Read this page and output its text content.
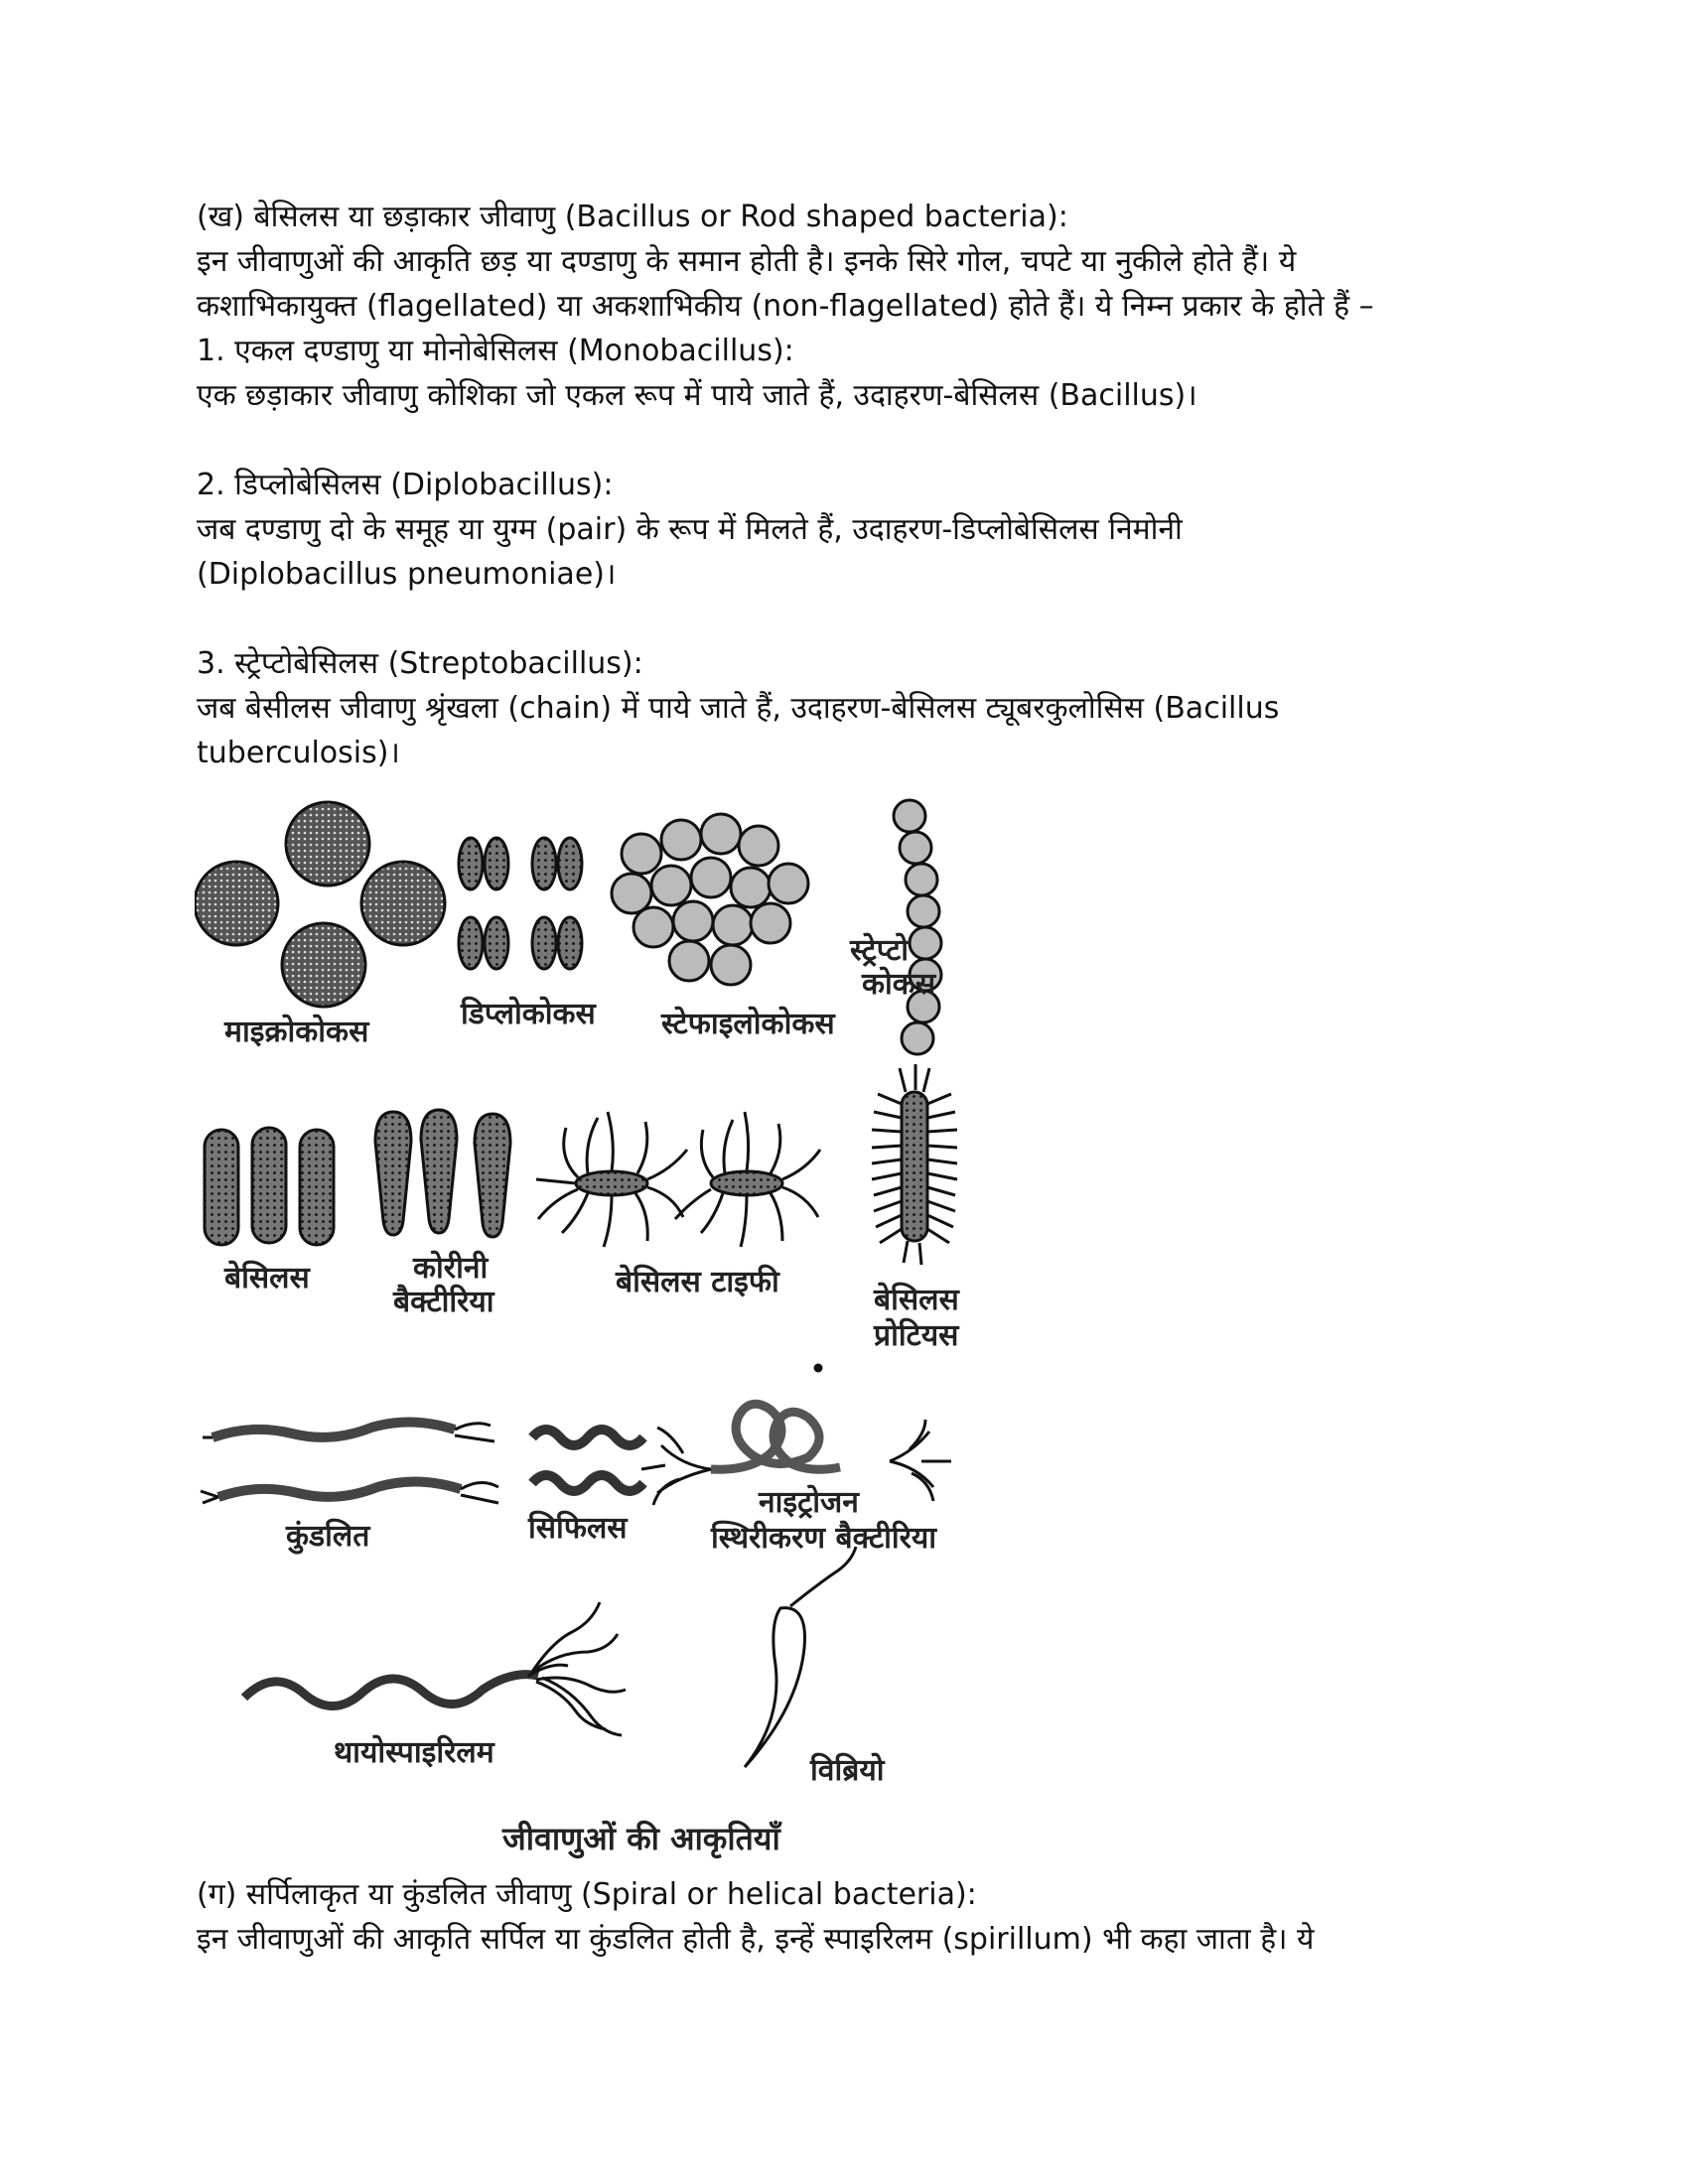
(ख) बेसिलस या छड़ाकार जीवाणु (Bacillus or Rod shaped bacteria):

इन जीवाणुओं की आकृति छड़ या दण्डाणु के समान होती है। इनके सिरे गोल, चपटे या नुकीले होते हैं। ये

कशाभिकायुक्त (flagellated) या अकशाभिकीय (non-flagellated) होते हैं। ये निम्न प्रकार के होते हैं –

1. एकल दण्डाणु या मोनोबेसिलस (Monobacillus):

एक छड़ाकार जीवाणु कोशिका जो एकल रूप में पाये जाते हैं, उदाहरण-बेसिलस (Bacillus)।

2. डिप्लोबेसिलस (Diplobacillus):

जब दण्डाणु दो के समूह या युग्म (pair) के रूप में मिलते हैं, उदाहरण-डिप्लोबेसिलस निमोनी

(Diplobacillus pneumoniae)।

3. स्ट्रेप्टोबेसिलस (Streptobacillus):

जब बेसीलस जीवाणु श्रृंखला (chain) में पाये जाते हैं, उदाहरण-बेसिलस ट्यूबरकुलोसिस (Bacillus

tuberculosis)।

माइक्रोकोकस
डिप्लोकोकस स्टेफाइलोकोकस
स्ट्रेप्टो
कोकस
बेसिलस	कोरीनी
बैक्टीरिया
बेसिलस टाइफी
बेसिलस
प्रोटियस
कुंडलित	सिफिलस
नाइट्रोजन
स्थिरीकरण बैक्टीरिया
थायोस्पाइरिलम
विब्रियो
जीवाणुओं की आकृतियाँ

(ग) सर्पिलाकृत या कुंडलित जीवाणु (Spiral or helical bacteria):

इन जीवाणुओं की आकृति सर्पिल या कुंडलित होती है, इन्हें स्पाइरिलम (spirillum) भी कहा जाता है। ये
